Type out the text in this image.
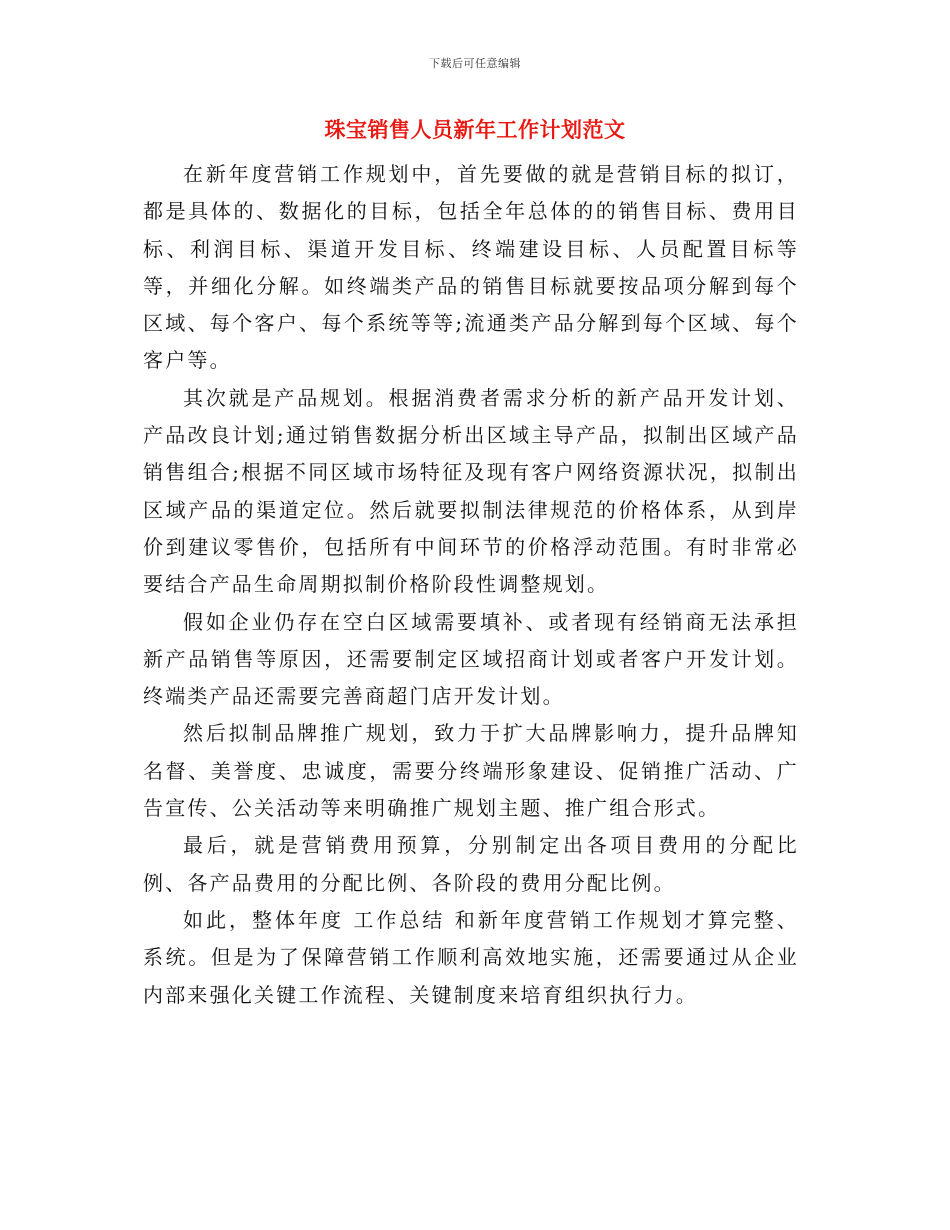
下载后可任意编辑
珠宝销售人员新年工作计划范文

在新年度营销工作规划中，首先要做的就是营销目标的拟订，都是具体的、数据化的目标，包括全年总体的的销售目标、费用目标、利润目标、渠道开发目标、终端建设目标、人员配置目标等等，并细化分解。如终端类产品的销售目标就要按品项分解到每个区域、每个客户、每个系统等等;流通类产品分解到每个区域、每个客户等。

其次就是产品规划。根据消费者需求分析的新产品开发计划、产品改良计划;通过销售数据分析出区域主导产品，拟制出区域产品销售组合;根据不同区域市场特征及现有客户网络资源状况，拟制出区域产品的渠道定位。然后就要拟制法律规范的价格体系，从到岸价到建议零售价，包括所有中间环节的价格浮动范围。有时非常必要结合产品生命周期拟制价格阶段性调整规划。

假如企业仍存在空白区域需要填补、或者现有经销商无法承担新产品销售等原因，还需要制定区域招商计划或者客户开发计划。终端类产品还需要完善商超门店开发计划。

然后拟制品牌推广规划，致力于扩大品牌影响力，提升品牌知名督、美誉度、忠诚度，需要分终端形象建设、促销推广活动、广告宣传、公关活动等来明确推广规划主题、推广组合形式。

最后，就是营销费用预算，分别制定出各项目费用的分配比例、各产品费用的分配比例、各阶段的费用分配比例。

如此，整体年度 工作总结 和新年度营销工作规划才算完整、系统。但是为了保障营销工作顺利高效地实施，还需要通过从企业内部来强化关键工作流程、关键制度来培育组织执行力。
